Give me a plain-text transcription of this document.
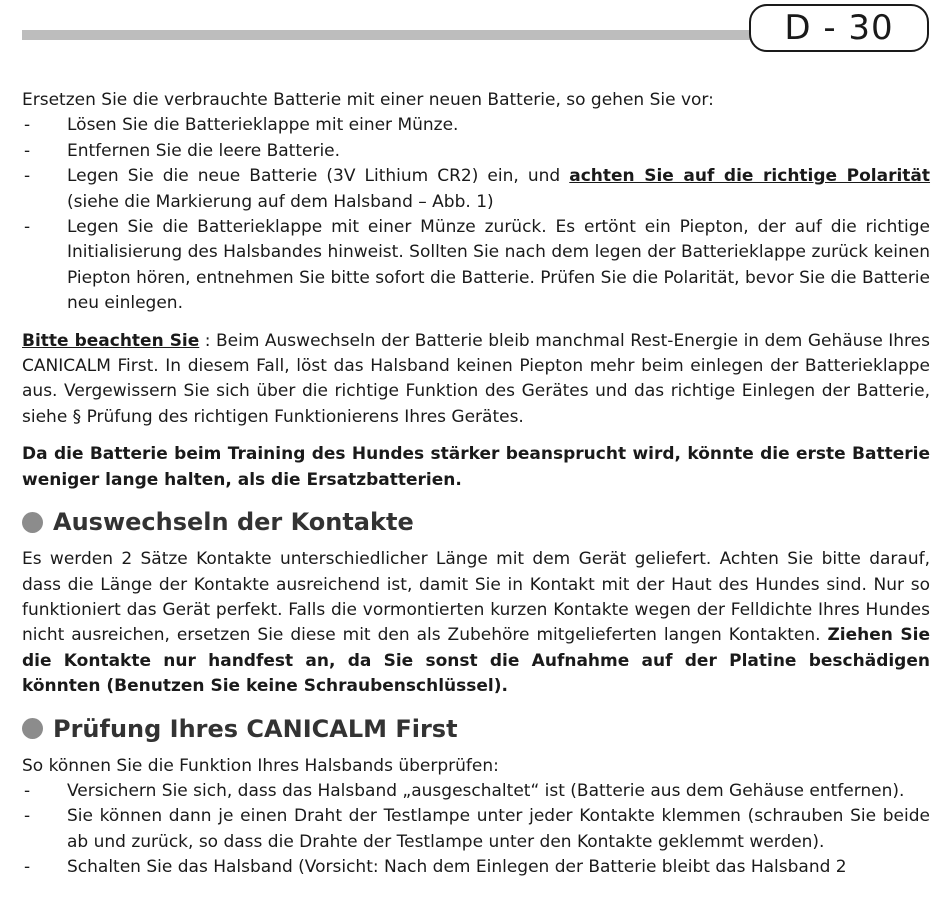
D - 30

Ersetzen Sie die verbrauchte Batterie mit einer neuen Batterie, so gehen Sie vor:

- Lösen Sie die Batterieklappe mit einer Münze.
- Entfernen Sie die leere Batterie.
- Legen Sie die neue Batterie (3V Lithium CR2) ein, und achten Sie auf die richtige Polarität (siehe die Markierung auf dem Halsband – Abb. 1)
- Legen Sie die Batterieklappe mit einer Münze zurück. Es ertönt ein Piepton, der auf die richtige Initialisierung des Halsbandes hinweist. Sollten Sie nach dem legen der Batterieklappe zurück keinen Piepton hören, entnehmen Sie bitte sofort die Batterie. Prüfen Sie die Polarität, bevor Sie die Batterie neu einlegen.

Bitte beachten Sie : Beim Auswechseln der Batterie bleib manchmal Rest-Energie in dem Gehäuse Ihres CANICALM First. In diesem Fall, löst das Halsband keinen Piepton mehr beim einlegen der Batterieklappe aus. Vergewissern Sie sich über die richtige Funktion des Gerätes und das richtige Einlegen der Batterie, siehe § Prüfung des richtigen Funktionierens Ihres Gerätes.

Da die Batterie beim Training des Hundes stärker beansprucht wird, könnte die erste Batterie weniger lange halten, als die Ersatzbatterien.

Auswechseln der Kontakte

Es werden 2 Sätze Kontakte unterschiedlicher Länge mit dem Gerät geliefert. Achten Sie bitte darauf, dass die Länge der Kontakte ausreichend ist, damit Sie in Kontakt mit der Haut des Hundes sind. Nur so funktioniert das Gerät perfekt. Falls die vormontierten kurzen Kontakte wegen der Felldichte Ihres Hundes nicht ausreichen, ersetzen Sie diese mit den als Zubehöre mitgelieferten langen Kontakten. Ziehen Sie die Kontakte nur handfest an, da Sie sonst die Aufnahme auf der Platine beschädigen könnten (Benutzen Sie keine Schraubenschlüssel).

Prüfung Ihres CANICALM First

So können Sie die Funktion Ihres Halsbands überprüfen:

- Versichern Sie sich, dass das Halsband „ausgeschaltet“ ist (Batterie aus dem Gehäuse entfernen).
- Sie können dann je einen Draht der Testlampe unter jeder Kontakte klemmen (schrauben Sie beide ab und zurück, so dass die Drahte der Testlampe unter den Kontakte geklemmt werden).
- Schalten Sie das Halsband (Vorsicht: Nach dem Einlegen der Batterie bleibt das Halsband 2
